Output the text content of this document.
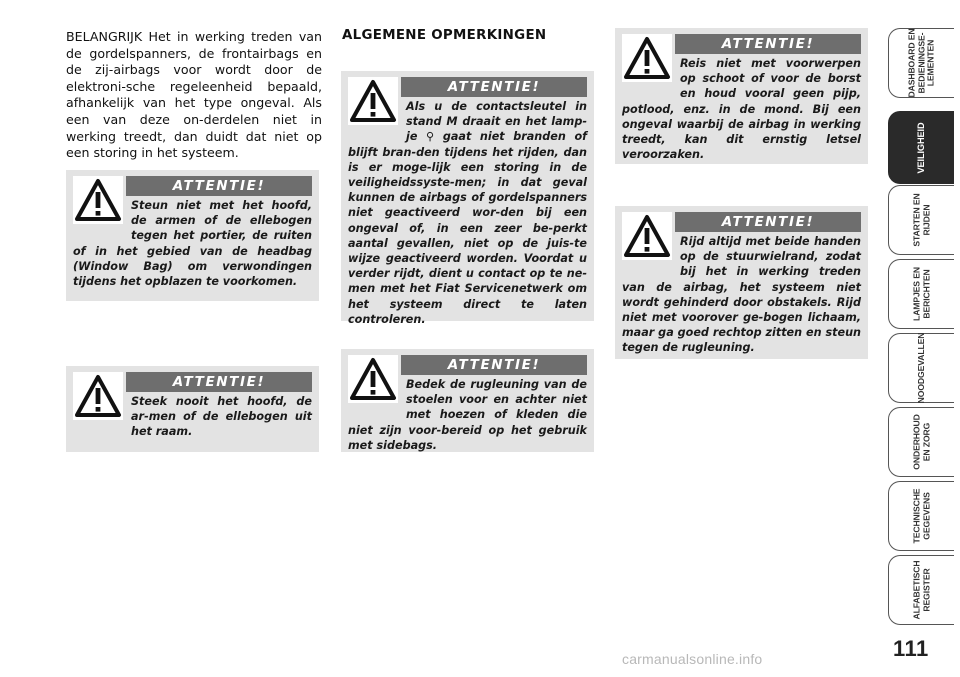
BELANGRIJK Het in werking treden van de gordelspanners, de frontairbags en de zij-airbags voor wordt door de elektroni-sche regeleenheid bepaald, afhankelijk van het type ongeval. Als een van deze on-derdelen niet in werking treedt, dan duidt dat niet op een storing in het systeem.

ALGEMENE OPMERKINGEN
ATTENTIE!

Steun niet met het hoofd, de armen of de ellebogen tegen het portier, de ruiten of in het gebied van de headbag (Window Bag) om verwondingen tijdens het opblazen te voorkomen.

ATTENTIE!

Steek nooit het hoofd, de ar-men of de ellebogen uit het raam.

ATTENTIE!

Als u de contactsleutel in stand M draait en het lamp-je ⚲ gaat niet branden of blijft bran-den tijdens het rijden, dan is er moge-lijk een storing in de veiligheidssyste-men; in dat geval kunnen de airbags of gordelspanners niet geactiveerd wor-den bij een ongeval of, in een zeer be-perkt aantal gevallen, niet op de juis-te wijze geactiveerd worden. Voordat u verder rijdt, dient u contact op te ne-men met het Fiat Servicenetwerk om het systeem direct te laten controleren.

ATTENTIE!

Bedek de rugleuning van de stoelen voor en achter niet met hoezen of kleden die niet zijn voor-bereid op het gebruik met sidebags.

ATTENTIE!

Reis niet met voorwerpen op schoot of voor de borst en houd vooral geen pijp, potlood, enz. in de mond. Bij een ongeval waarbij de airbag in werking treedt, kan dit ernstig letsel veroorzaken.

ATTENTIE!

Rijd altijd met beide handen op de stuurwielrand, zodat bij het in werking treden van de airbag, het systeem niet wordt gehinderd door obstakels. Rijd niet met voorover ge-bogen lichaam, maar ga goed rechtop zitten en steun tegen de rugleuning.

DASHBOARD EN
BEDIENINGSE-
LEMENTEN
VEILIGHEID
STARTEN EN
RIJDEN
LAMPJES EN
BERICHTEN
NOODGEVALLEN
ONDERHOUD
EN ZORG
TECHNISCHE
GEGEVENS
ALFABETISCH
REGISTER
111
carmanualsonline.info
